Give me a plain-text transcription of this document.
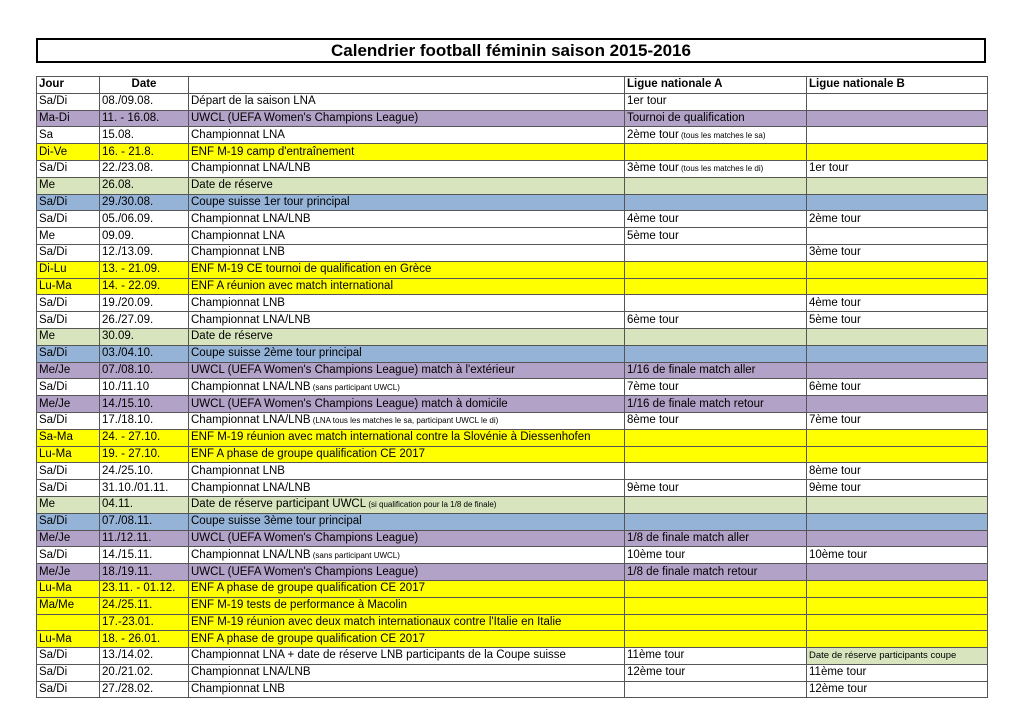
Calendrier football féminin saison 2015-2016
Jour	Date		Ligue nationale A	Ligue nationale B
Sa/Di	08./09.08.	Départ de la saison LNA	1er tour	
Ma-Di	11. - 16.08.	UWCL (UEFA Women's Champions League)	Tournoi de qualification	
Sa	15.08.	Championnat LNA	2ème tour (tous les matches le sa)	
Di-Ve	16. - 21.8.	ENF M-19 camp d'entraînement		
Sa/Di	22./23.08.	Championnat LNA/LNB	3ème tour (tous les matches le di)	1er tour
Me	26.08.	Date de réserve		
Sa/Di	29./30.08.	Coupe suisse 1er tour principal		
Sa/Di	05./06.09.	Championnat LNA/LNB	4ème tour	2ème tour
Me	09.09.	Championnat LNA	5ème tour	
Sa/Di	12./13.09.	Championnat LNB		3ème tour
Di-Lu	13. - 21.09.	ENF M-19 CE tournoi de qualification en Grèce		
Lu-Ma	14. - 22.09.	ENF A réunion avec match international		
Sa/Di	19./20.09.	Championnat LNB		4ème tour
Sa/Di	26./27.09.	Championnat LNA/LNB	6ème tour	5ème tour
Me	30.09.	Date de réserve		
Sa/Di	03./04.10.	Coupe suisse 2ème tour principal		
Me/Je	07./08.10.	UWCL (UEFA Women's Champions League) match à l'extérieur	1/16 de finale match aller	
Sa/Di	10./11.10	Championnat LNA/LNB (sans participant UWCL)	7ème tour	6ème tour
Me/Je	14./15.10.	UWCL (UEFA Women's Champions League) match à domicile	1/16 de finale match retour	
Sa/Di	17./18.10.	Championnat LNA/LNB (LNA tous les matches le sa, participant UWCL le di)	8ème tour	7ème tour
Sa-Ma	24. - 27.10.	ENF M-19 réunion avec match international contre la Slovénie à Diessenhofen		
Lu-Ma	19. - 27.10.	ENF A phase de groupe qualification CE 2017		
Sa/Di	24./25.10.	Championnat LNB		8ème tour
Sa/Di	31.10./01.11.	Championnat LNA/LNB	9ème tour	9ème tour
Me	04.11.	Date de réserve participant UWCL (si qualification pour la 1/8 de finale)		
Sa/Di	07./08.11.	Coupe suisse 3ème tour principal		
Me/Je	11./12.11.	UWCL (UEFA Women's Champions League)	1/8 de finale match aller	
Sa/Di	14./15.11.	Championnat LNA/LNB (sans participant UWCL)	10ème tour	10ème tour
Me/Je	18./19.11.	UWCL (UEFA Women's Champions League)	1/8 de finale match retour	
Lu-Ma	23.11. - 01.12.	ENF A phase de groupe qualification CE 2017		
Ma/Me	24./25.11.	ENF M-19 tests de performance à Macolin		
	17.-23.01.	ENF M-19 réunion avec deux match internationaux contre l'Italie en Italie		
Lu-Ma	18. - 26.01.	ENF A phase de groupe qualification CE 2017		
Sa/Di	13./14.02.	Championnat LNA + date de réserve LNB participants de la Coupe suisse	11ème tour	Date de réserve participants coupe
Sa/Di	20./21.02.	Championnat LNA/LNB	12ème tour	11ème tour
Sa/Di	27./28.02.	Championnat LNB		12ème tour
